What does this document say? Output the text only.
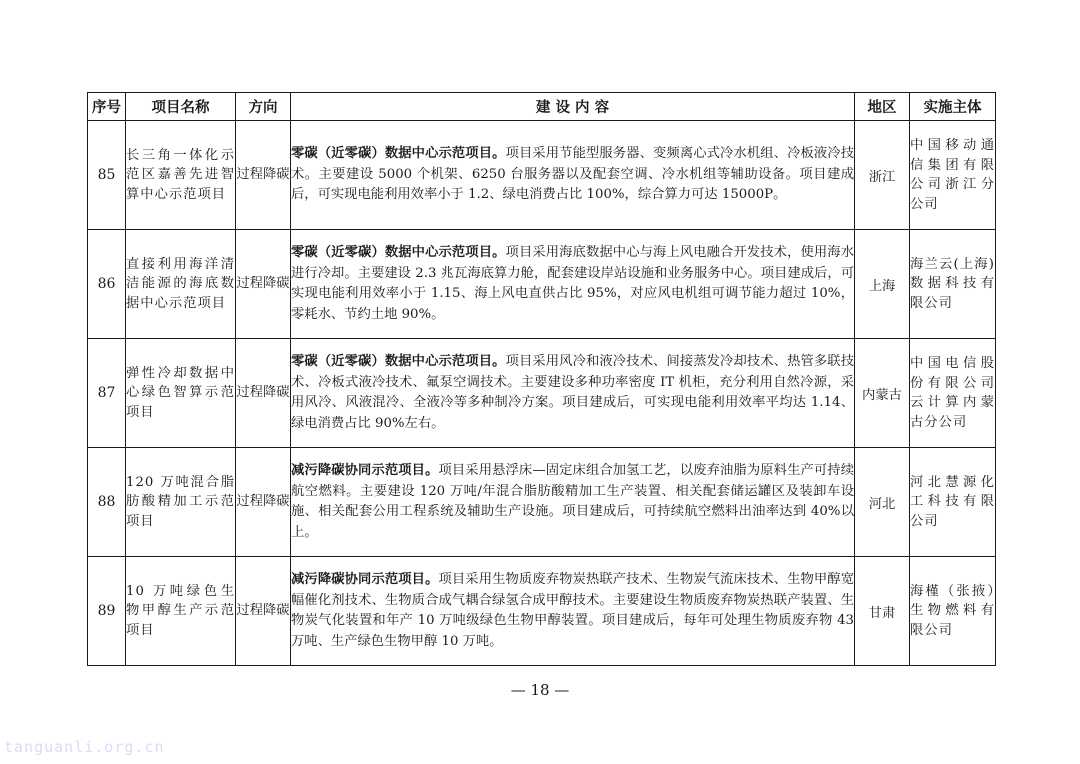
序号	项目名称	方向	建 设 内 容	地区	实施主体
85	长三角一体化示范区嘉善先进智算中心示范项目	过程降碳	零碳（近零碳）数据中心示范项目。项目采用节能型服务器、变频离心式冷水机组、冷板液冷技术。主要建设 5000 个机架、6250 台服务器以及配套空调、冷水机组等辅助设备。项目建成后，可实现电能利用效率小于 1.2、绿电消费占比 100%，综合算力可达 15000P。	浙江	中国移动通信集团有限公司浙江分公司
86	直接利用海洋清洁能源的海底数据中心示范项目	过程降碳	零碳（近零碳）数据中心示范项目。项目采用海底数据中心与海上风电融合开发技术，使用海水进行冷却。主要建设 2.3 兆瓦海底算力舱，配套建设岸站设施和业务服务中心。项目建成后，可实现电能利用效率小于 1.15、海上风电直供占比 95%，对应风电机组可调节能力超过 10%，零耗水、节约土地 90%。	上海	海兰云(上海)数据科技有限公司
87	弹性冷却数据中心绿色智算示范项目	过程降碳	零碳（近零碳）数据中心示范项目。项目采用风冷和液冷技术、间接蒸发冷却技术、热管多联技术、冷板式液冷技术、氟泵空调技术。主要建设多种功率密度 IT 机柜，充分利用自然冷源，采用风冷、风液混冷、全液冷等多种制冷方案。项目建成后，可实现电能利用效率平均达 1.14、绿电消费占比 90%左右。	内蒙古	中国电信股份有限公司云计算内蒙古分公司
88	120 万吨混合脂肪酸精加工示范项目	过程降碳	减污降碳协同示范项目。项目采用悬浮床—固定床组合加氢工艺，以废弃油脂为原料生产可持续航空燃料。主要建设 120 万吨/年混合脂肪酸精加工生产装置、相关配套储运罐区及装卸车设施、相关配套公用工程系统及辅助生产设施。项目建成后，可持续航空燃料出油率达到 40%以上。	河北	河北慧源化工科技有限公司
89	10 万吨绿色生物甲醇生产示范项目	过程降碳	减污降碳协同示范项目。项目采用生物质废弃物炭热联产技术、生物炭气流床技术、生物甲醇宽幅催化剂技术、生物质合成气耦合绿氢合成甲醇技术。主要建设生物质废弃物炭热联产装置、生物炭气化装置和年产 10 万吨级绿色生物甲醇装置。项目建成后，每年可处理生物质废弃物 43 万吨、生产绿色生物甲醇 10 万吨。	甘肃	海槿（张掖）生物燃料有限公司
— 18 —
tanguanli.org.cn
